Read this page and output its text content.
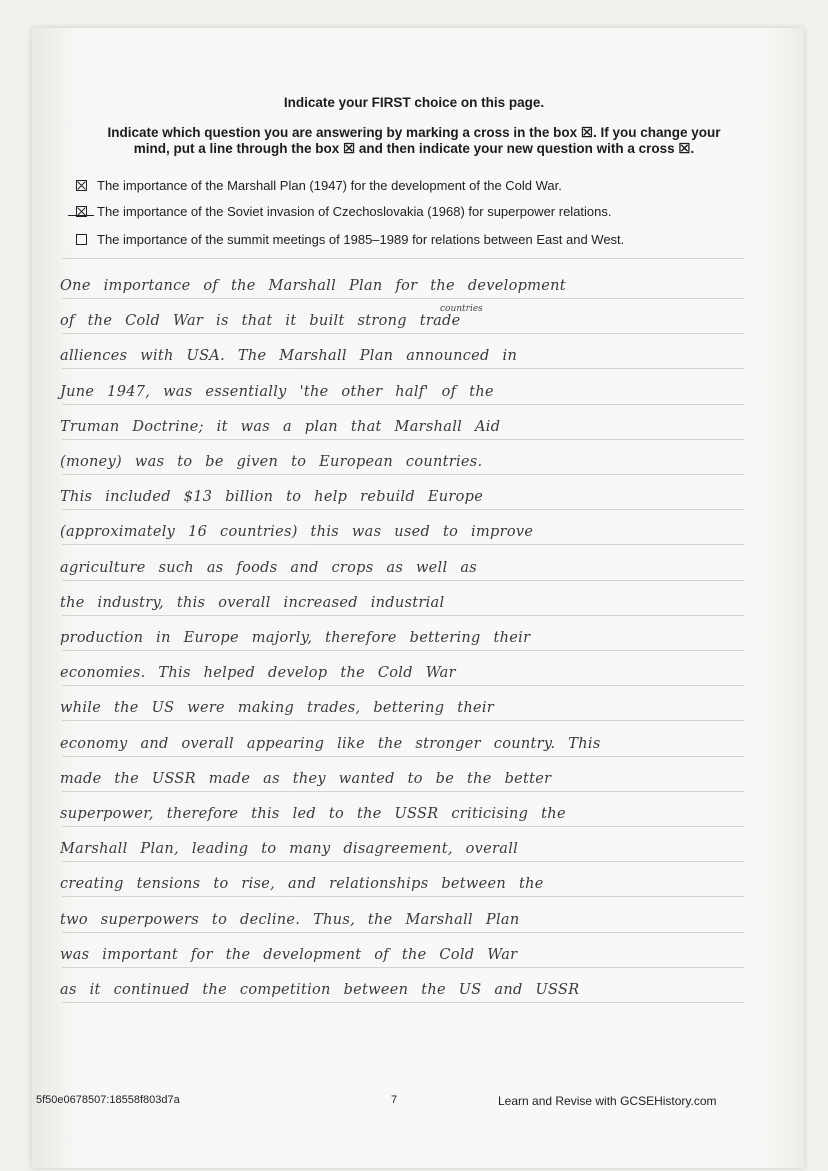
Indicate your FIRST choice on this page.
Indicate which question you are answering by marking a cross in the box ☒. If you change your
mind, put a line through the box ☒ and then indicate your new question with a cross ☒.
The importance of the Marshall Plan (1947) for the development of the Cold War.
The importance of the Soviet invasion of Czechoslovakia (1968) for superpower relations.
The importance of the summit meetings of 1985–1989 for relations between East and West.
One importance of the Marshall Plan for the development
of the Cold War is that it built strong trade
alliences with USA. The Marshall Plan announced in
June 1947, was essentially 'the other half' of the
Truman Doctrine; it was a plan that Marshall Aid
(money) was to be given to European countries.
This included $13 billion to help rebuild Europe
(approximately 16 countries) this was used to improve
agriculture such as foods and crops as well as
the industry, this overall increased industrial
production in Europe majorly, therefore bettering their
economies. This helped develop the Cold War
while the US were making trades, bettering their
economy and overall appearing like the stronger country. This
made the USSR made as they wanted to be the better
superpower, therefore this led to the USSR criticising the
Marshall Plan, leading to many disagreement, overall
creating tensions to rise, and relationships between the
two superpowers to decline. Thus, the Marshall Plan
was important for the development of the Cold War
as it continued the competition between the US and USSR
countries
5f50e0678507:18558f803d7a	7	Learn and Revise with GCSEHistory.com
